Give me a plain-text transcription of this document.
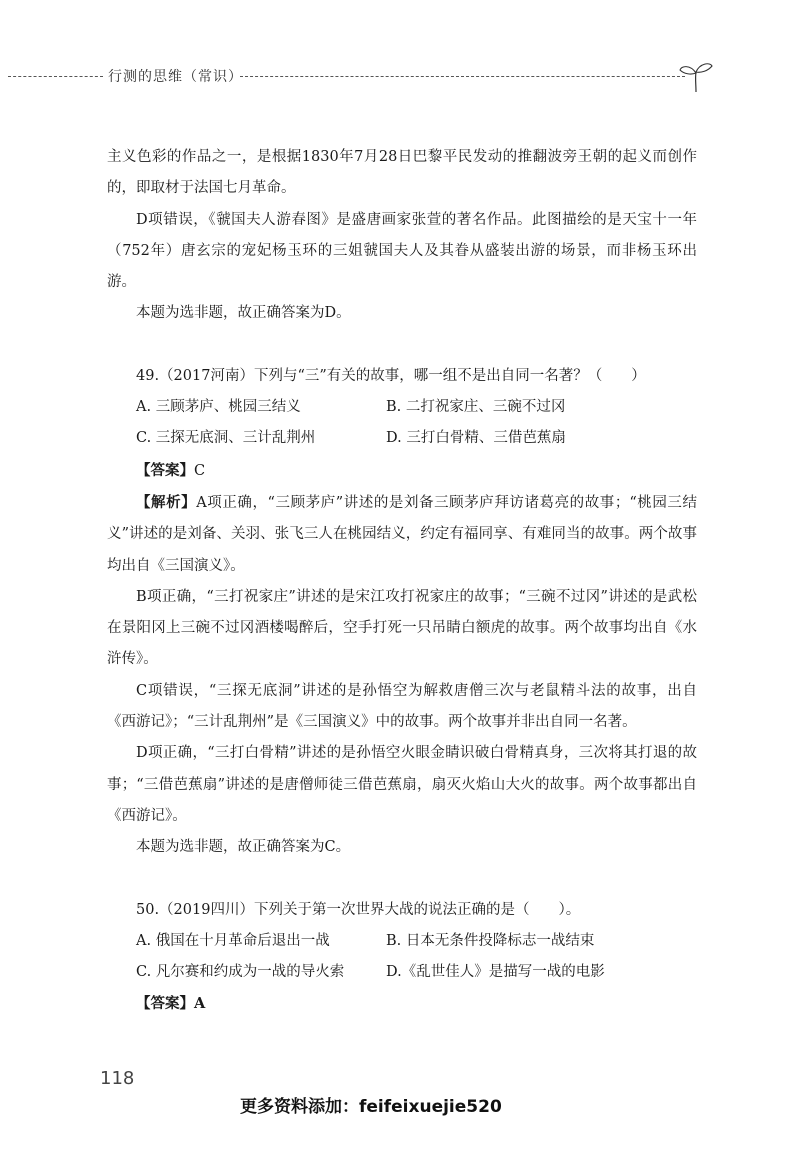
行测的思维（常识）

主义色彩的作品之一，是根据1830年7月28日巴黎平民发动的推翻波旁王朝的起义而创作的，即取材于法国七月革命。

D项错误，《虢国夫人游春图》是盛唐画家张萱的著名作品。此图描绘的是天宝十一年（752年）唐玄宗的宠妃杨玉环的三姐虢国夫人及其眷从盛装出游的场景，而非杨玉环出游。

本题为选非题，故正确答案为D。

49.（2017河南）下列与“三”有关的故事，哪一组不是出自同一名著？（　　）

A. 三顾茅庐、桃园三结义	B. 二打祝家庄、三碗不过冈
C. 三探无底洞、三计乱荆州	D. 三打白骨精、三借芭蕉扇

【答案】C

【解析】A项正确，“三顾茅庐”讲述的是刘备三顾茅庐拜访诸葛亮的故事；“桃园三结义”讲述的是刘备、关羽、张飞三人在桃园结义，约定有福同享、有难同当的故事。两个故事均出自《三国演义》。

B项正确，“三打祝家庄”讲述的是宋江攻打祝家庄的故事；“三碗不过冈”讲述的是武松在景阳冈上三碗不过冈酒楼喝醉后，空手打死一只吊睛白额虎的故事。两个故事均出自《水浒传》。

C项错误，“三探无底洞”讲述的是孙悟空为解救唐僧三次与老鼠精斗法的故事，出自《西游记》；“三计乱荆州”是《三国演义》中的故事。两个故事并非出自同一名著。

D项正确，“三打白骨精”讲述的是孙悟空火眼金睛识破白骨精真身，三次将其打退的故事；“三借芭蕉扇”讲述的是唐僧师徒三借芭蕉扇，扇灭火焰山大火的故事。两个故事都出自《西游记》。

本题为选非题，故正确答案为C。

50.（2019四川）下列关于第一次世界大战的说法正确的是（　　）。

A. 俄国在十月革命后退出一战	B. 日本无条件投降标志一战结束
C. 凡尔赛和约成为一战的导火索	D.《乱世佳人》是描写一战的电影

【答案】A

118
更多资料添加：feifeixuejie520
